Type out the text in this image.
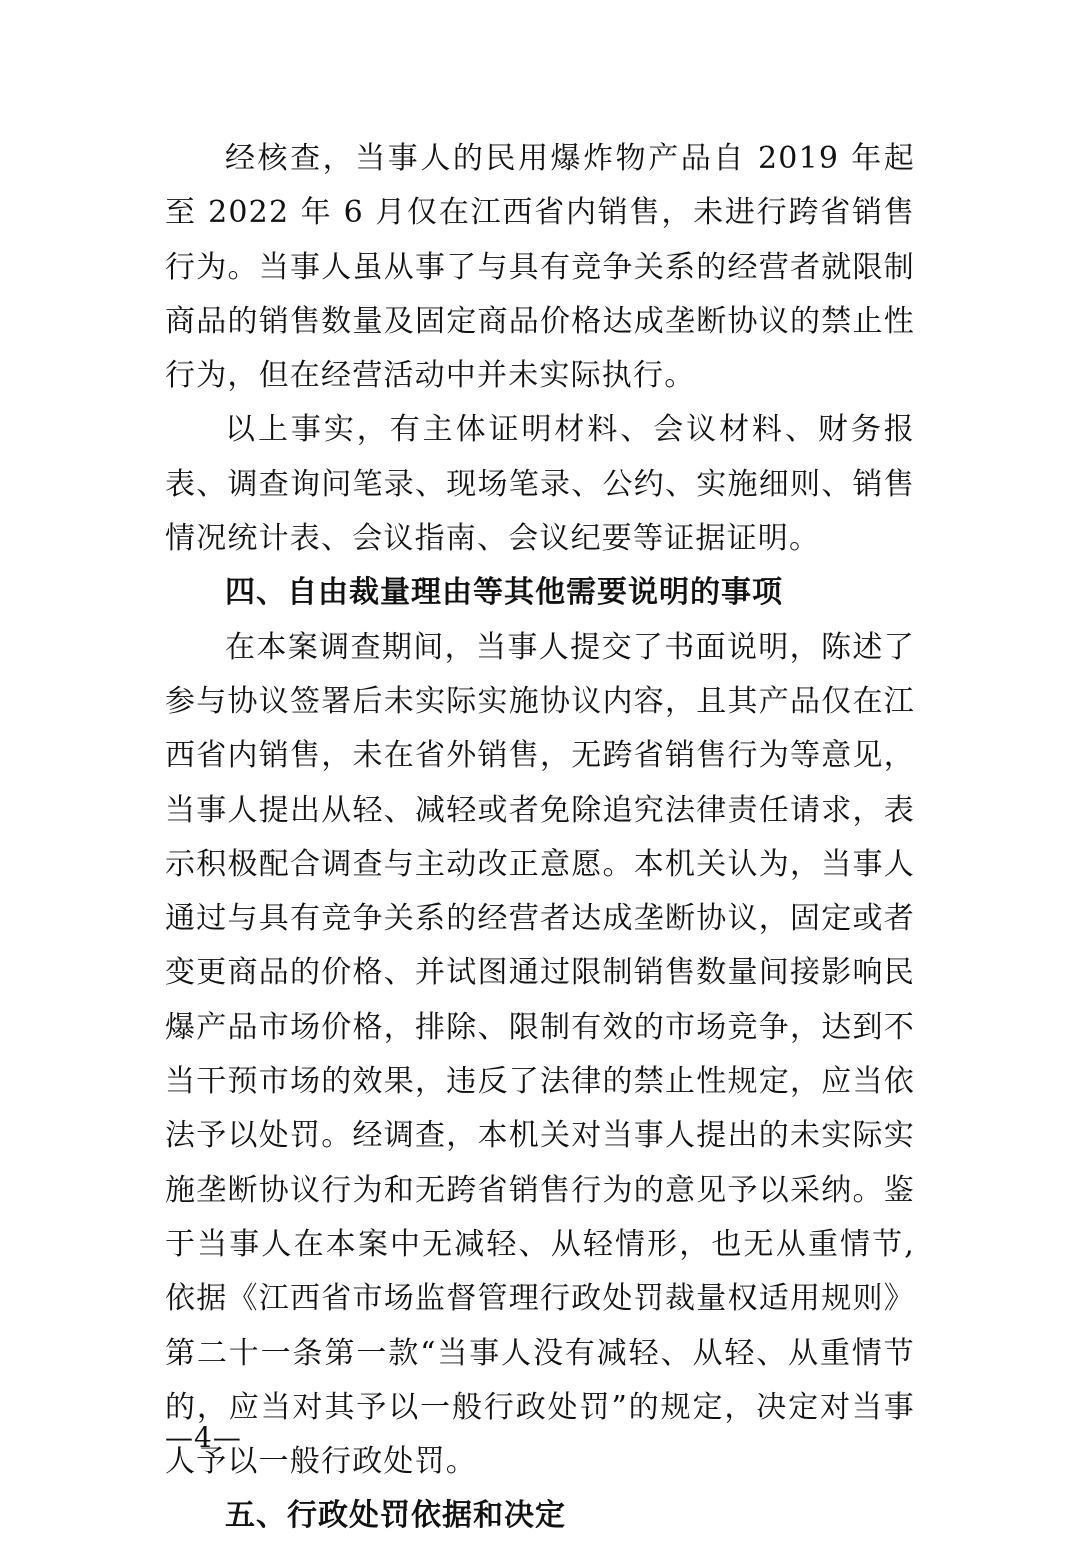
经核查，当事人的民用爆炸物产品自 2019 年起至 2022 年 6 月仅在江西省内销售，未进行跨省销售行为。当事人虽从事了与具有竞争关系的经营者就限制商品的销售数量及固定商品价格达成垄断协议的禁止性行为，但在经营活动中并未实际执行。

以上事实，有主体证明材料、会议材料、财务报表、调查询问笔录、现场笔录、公约、实施细则、销售情况统计表、会议指南、会议纪要等证据证明。

四、自由裁量理由等其他需要说明的事项

在本案调查期间，当事人提交了书面说明，陈述了参与协议签署后未实际实施协议内容，且其产品仅在江西省内销售，未在省外销售，无跨省销售行为等意见，当事人提出从轻、减轻或者免除追究法律责任请求，表示积极配合调查与主动改正意愿。本机关认为，当事人通过与具有竞争关系的经营者达成垄断协议，固定或者变更商品的价格、并试图通过限制销售数量间接影响民爆产品市场价格，排除、限制有效的市场竞争，达到不当干预市场的效果，违反了法律的禁止性规定，应当依法予以处罚。经调查，本机关对当事人提出的未实际实施垄断协议行为和无跨省销售行为的意见予以采纳。鉴于当事人在本案中无减轻、从轻情形，也无从重情节,依据《江西省市场监督管理行政处罚裁量权适用规则》第二十一条第一款“当事人没有减轻、从轻、从重情节的，应当对其予以一般行政处罚”的规定，决定对当事人予以一般行政处罚。

五、行政处罚依据和决定

—4—
